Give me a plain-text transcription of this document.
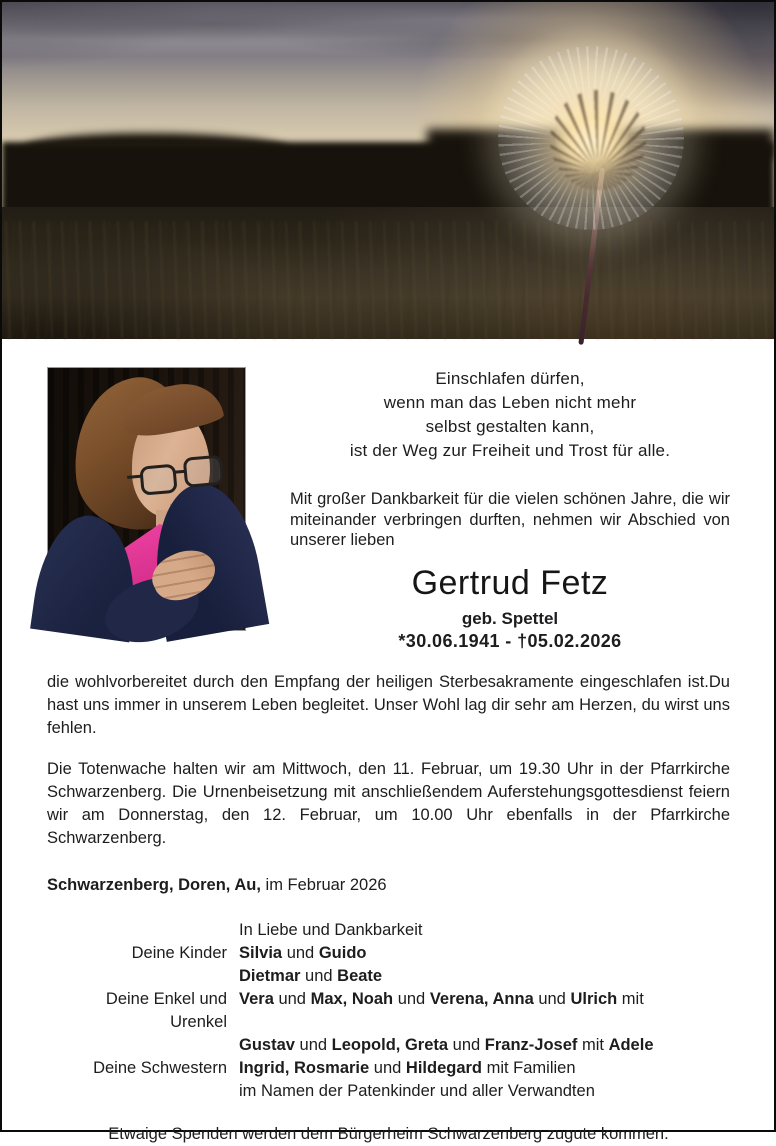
Einschlafen dürfen,
wenn man das Leben nicht mehr
selbst gestalten kann,
ist der Weg zur Freiheit und Trost für alle.
Mit großer Dankbarkeit für die vielen schönen Jahre, die wir miteinander verbringen durften, nehmen wir Abschied von unserer lieben
Gertrud Fetz
geb. Spettel
*30.06.1941 - †05.02.2026
die wohlvorbereitet durch den Empfang der heiligen Sterbesakramente eingeschlafen ist.Du hast uns immer in unserem Leben begleitet. Unser Wohl lag dir sehr am Herzen, du wirst uns fehlen.
Die Totenwache halten wir am Mittwoch, den 11. Februar, um 19.30 Uhr in der Pfarrkirche Schwarzenberg. Die Urnenbeisetzung mit anschließendem Auferstehungsgottesdienst feiern wir am Donnerstag, den 12. Februar, um 10.00 Uhr ebenfalls in der Pfarrkirche Schwarzenberg.
Schwarzenberg, Doren, Au, im Februar 2026
In Liebe und Dankbarkeit
Deine Kinder Silvia und Guido
Dietmar und Beate
Deine Enkel und Urenkel
Vera und Max, Noah und Verena, Anna und Ulrich mit
Gustav und Leopold, Greta und Franz-Josef mit Adele
Deine Schwestern Ingrid, Rosmarie und Hildegard mit Familien
im Namen der Patenkinder und aller Verwandten
Etwaige Spenden werden dem Bürgerheim Schwarzenberg zugute kommen.
